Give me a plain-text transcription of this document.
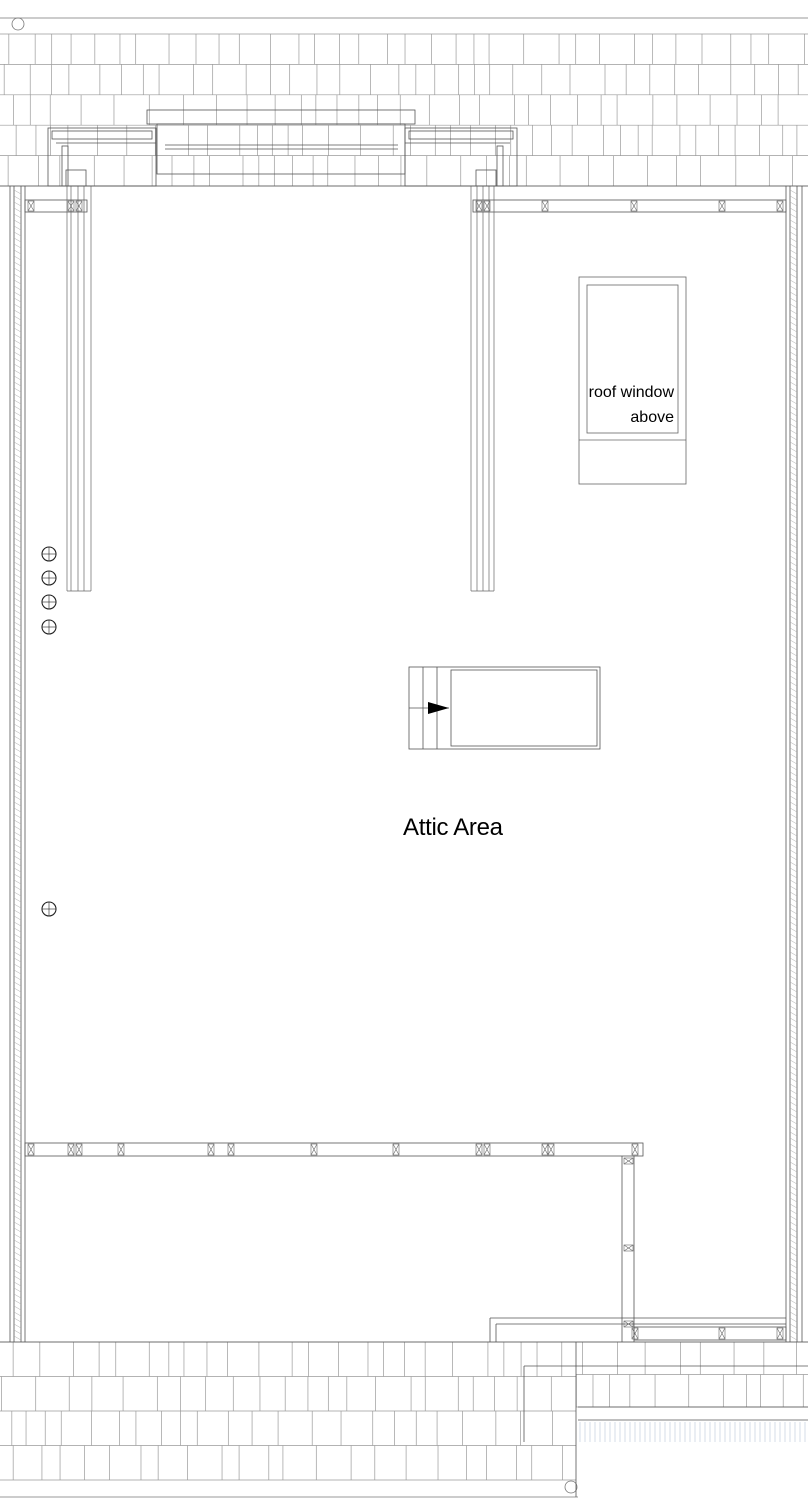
Attic Area
roof window
above
